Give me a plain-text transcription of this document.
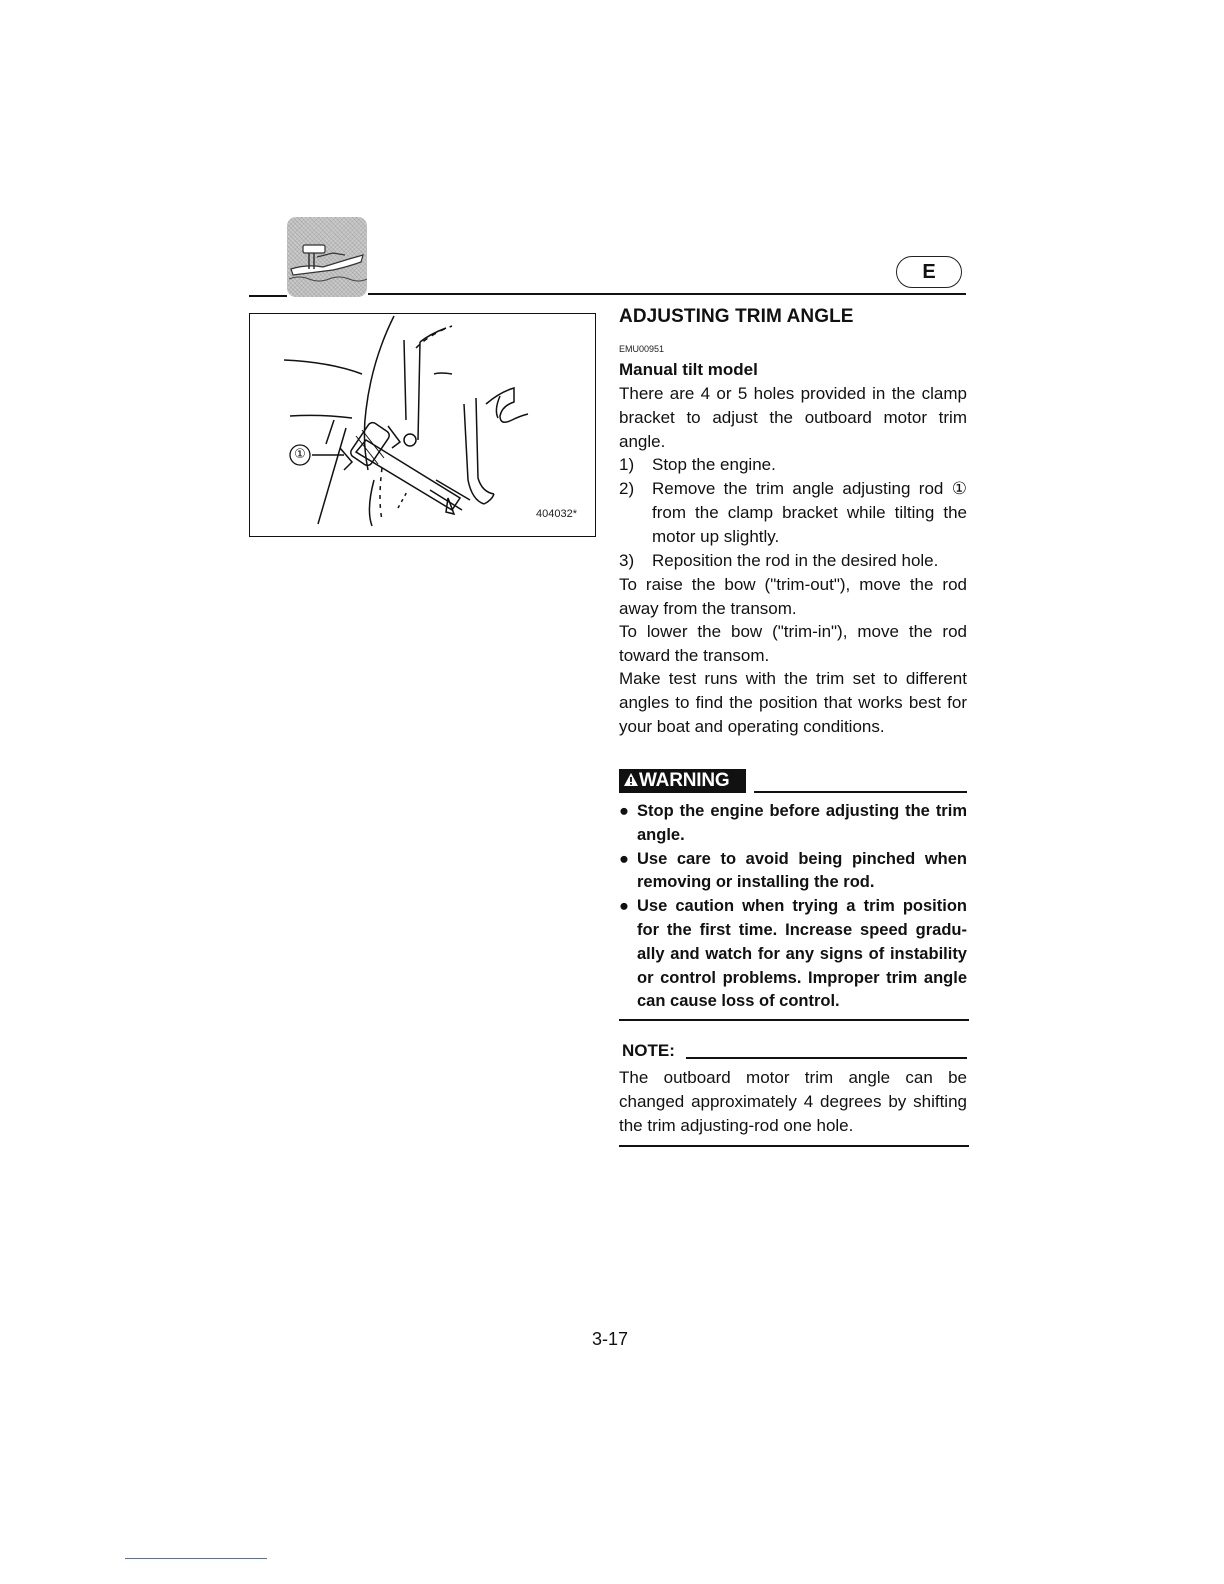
E
①
404032*
ADJUSTING TRIM ANGLE
EMU00951
Manual tilt model
There are 4 or 5 holes provided in the clamp bracket to adjust the outboard motor trim angle.
1) Stop the engine.
2) Remove the trim angle adjusting rod ① from the clamp bracket while tilting the motor up slightly.
3) Reposition the rod in the desired hole.
To raise the bow ("trim-out"), move the rod away from the transom.
To lower the bow ("trim-in"), move the rod toward the transom.
Make test runs with the trim set to different angles to find the position that works best for your boat and operating conditions.
WARNING
● Stop the engine before adjusting the trim angle.
● Use care to avoid being pinched when removing or installing the rod.
● Use caution when trying a trim position for the first time. Increase speed gradually and watch for any signs of instability or control problems. Improper trim angle can cause loss of control.
NOTE:
The outboard motor trim angle can be changed approximately 4 degrees by shifting the trim adjusting-rod one hole.
3-17
